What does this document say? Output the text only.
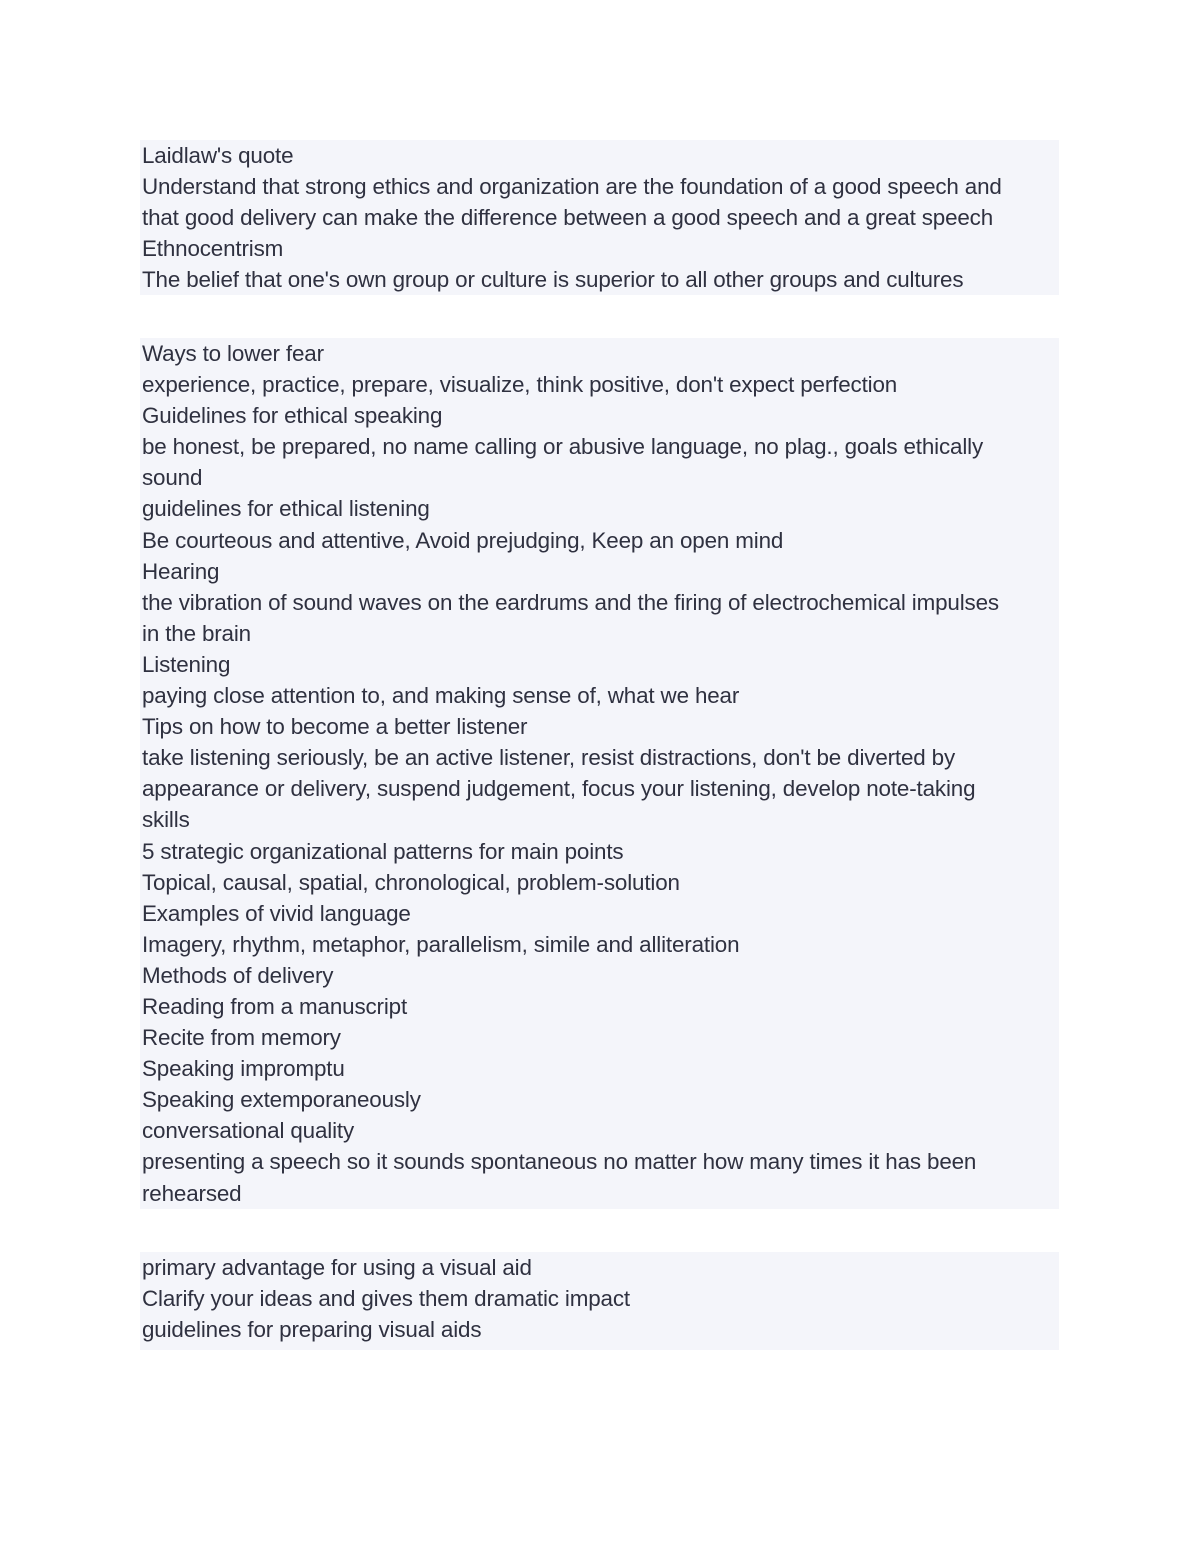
Laidlaw's quote
Understand that strong ethics and organization are the foundation of a good speech and
that good delivery can make the difference between a good speech and a great speech
Ethnocentrism
The belief that one's own group or culture is superior to all other groups and cultures
Ways to lower fear
experience, practice, prepare, visualize, think positive, don't expect perfection
Guidelines for ethical speaking
be honest, be prepared, no name calling or abusive language, no plag., goals ethically
sound
guidelines for ethical listening
Be courteous and attentive, Avoid prejudging, Keep an open mind
Hearing
the vibration of sound waves on the eardrums and the firing of electrochemical impulses
in the brain
Listening
paying close attention to, and making sense of, what we hear
Tips on how to become a better listener
take listening seriously, be an active listener, resist distractions, don't be diverted by
appearance or delivery, suspend judgement, focus your listening, develop note-taking
skills
5 strategic organizational patterns for main points
Topical, causal, spatial, chronological, problem-solution
Examples of vivid language
Imagery, rhythm, metaphor, parallelism, simile and alliteration
Methods of delivery
Reading from a manuscript
Recite from memory
Speaking impromptu
Speaking extemporaneously
conversational quality
presenting a speech so it sounds spontaneous no matter how many times it has been
rehearsed
primary advantage for using a visual aid
Clarify your ideas and gives them dramatic impact
guidelines for preparing visual aids
